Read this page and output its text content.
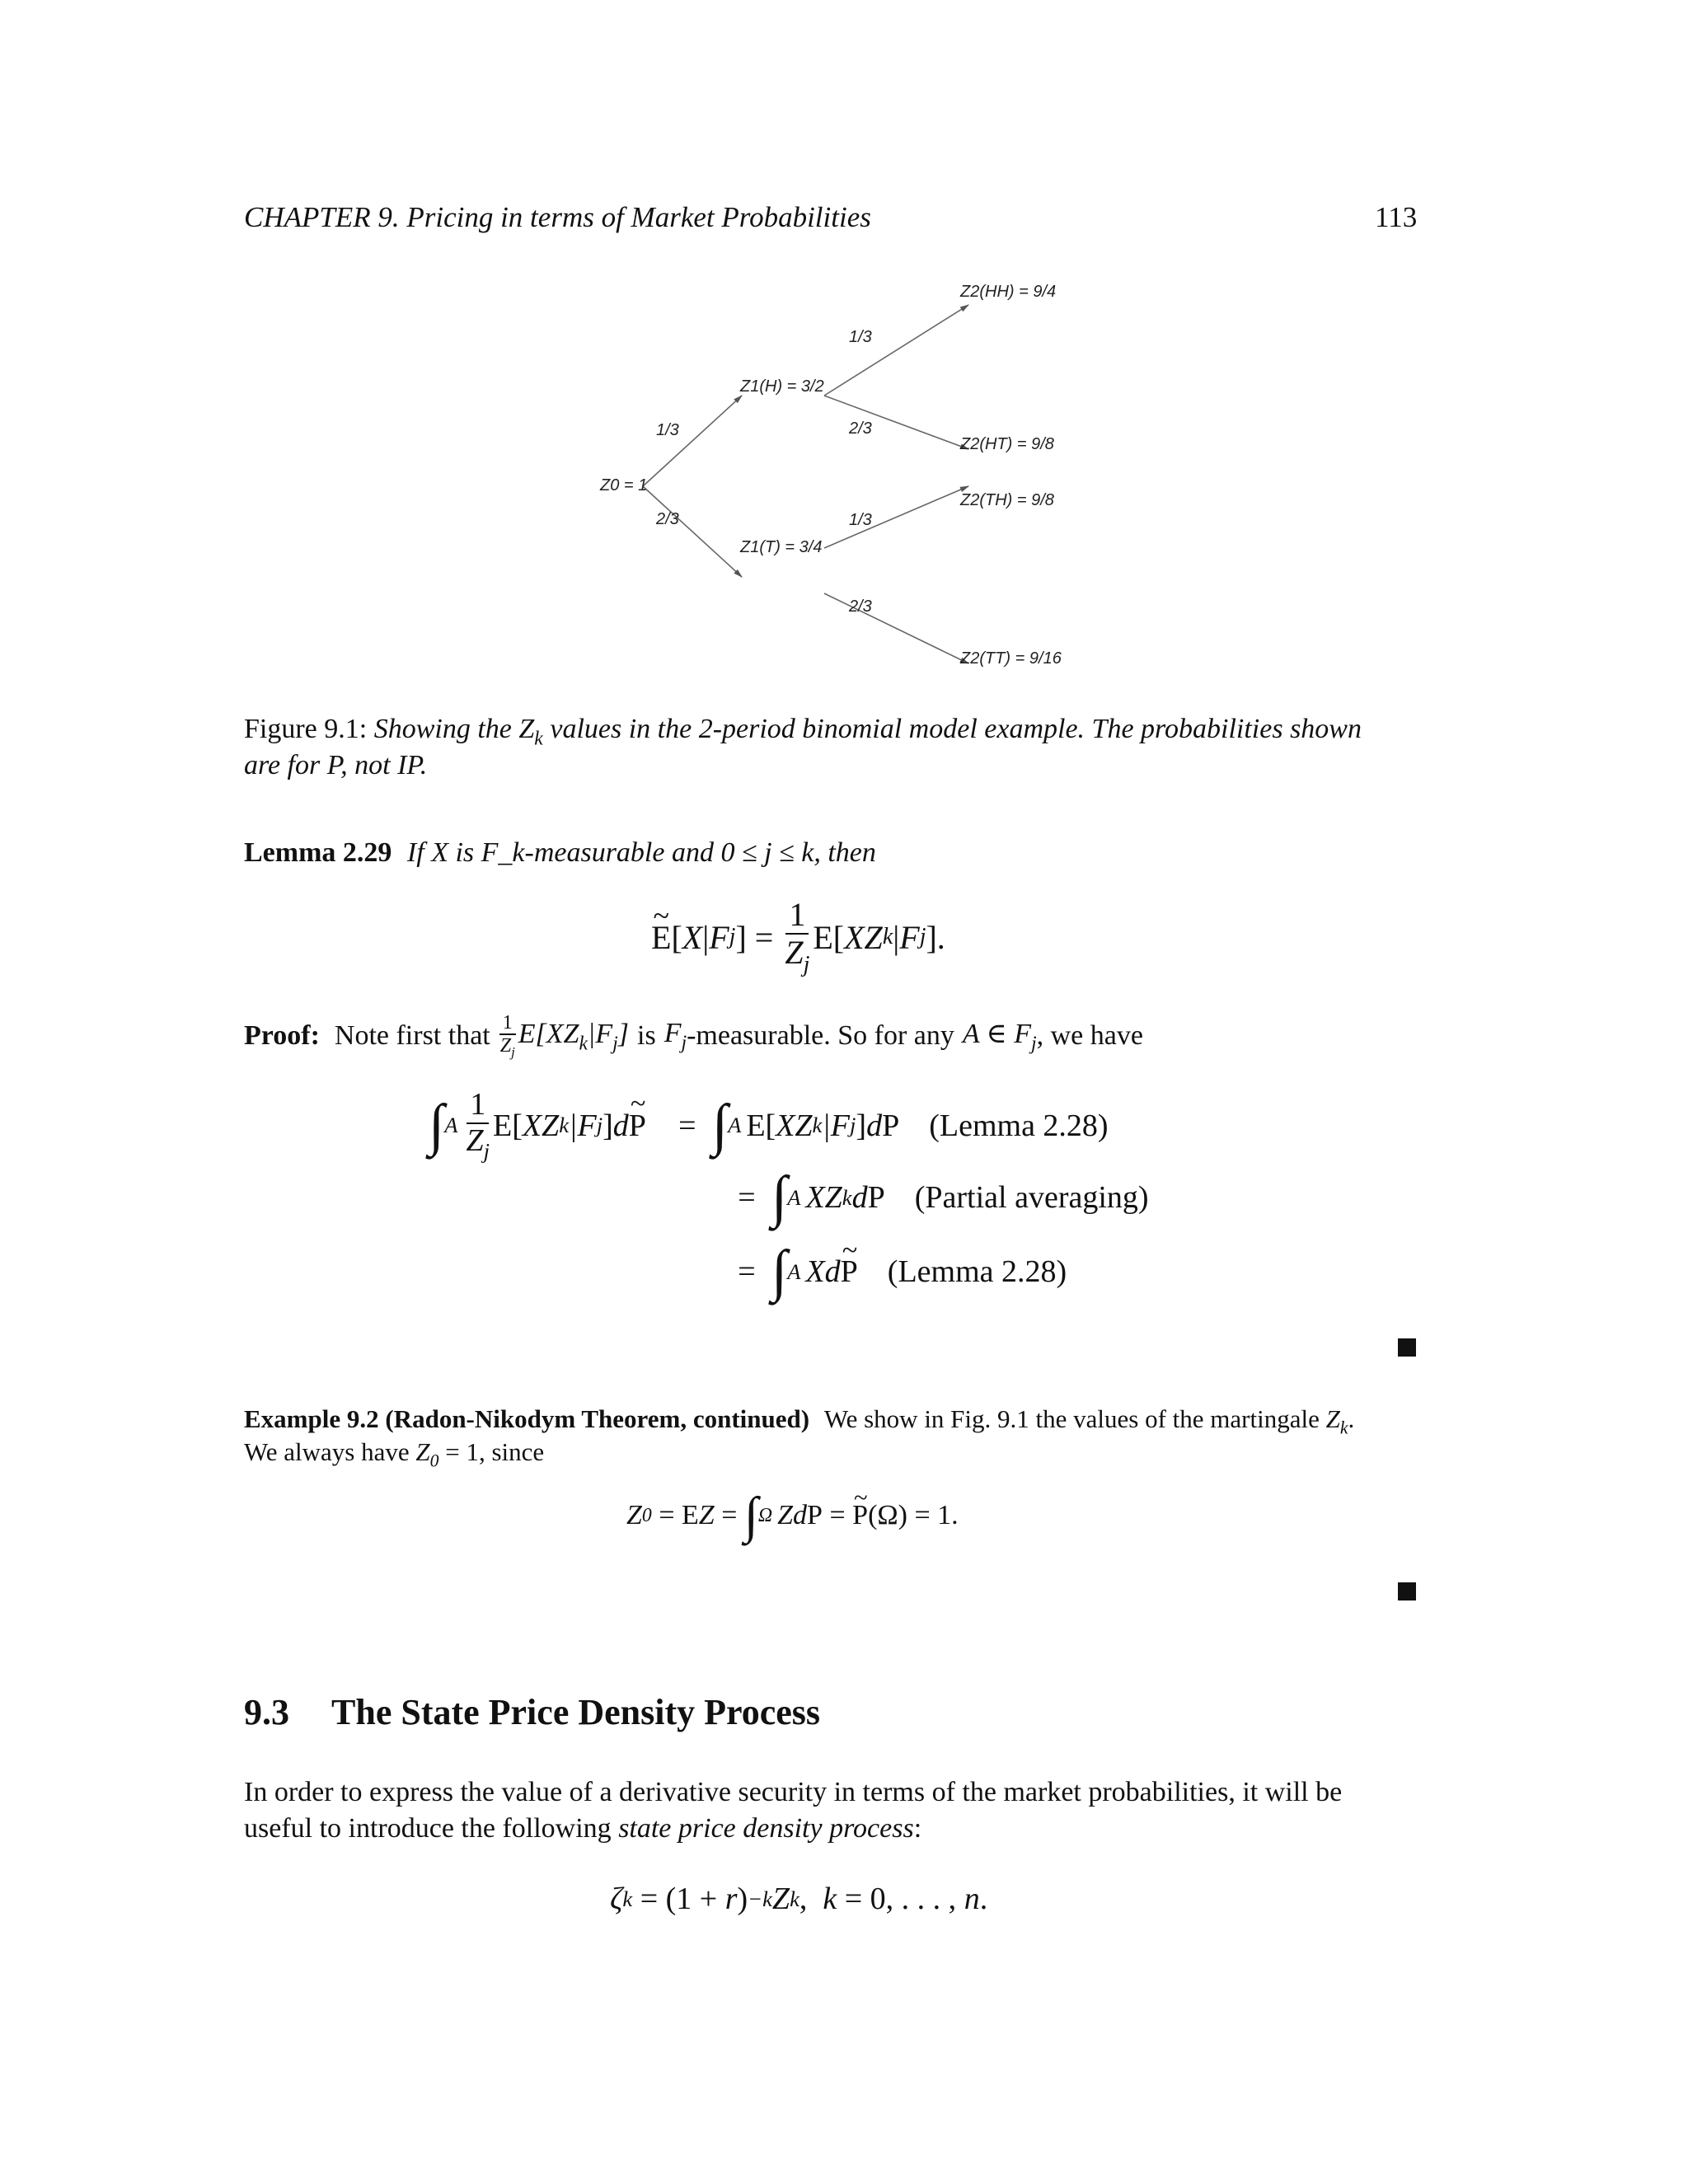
CHAPTER 9. Pricing in terms of Market Probabilities	113
Z0 = 1
Z1(H) = 3/2
Z1(T) = 3/4
Z2(HH) = 9/4
Z2(HT) = 9/8
Z2(TH) = 9/8
Z2(TT) = 9/16
1/3
2/3
1/3
2/3
1/3
2/3
Figure 9.1: Showing the $Z_k$ values in the 2-period binomial model example. The probabilities shown
are for P, not IP.
Lemma 2.29 If X is F_k-measurable and 0 ≤ j ≤ k, then
~ E [ X | F j ] = $\frac{1}{Z_j}$ E [ XZ k | F j ].
Proof: Note first that $\frac{1}{Z_j} E[XZ_k|F_j]$ is $F_j$ -measurable. So for any A ∈ $F_j$ , we have
∫ A $\frac{1}{Z_j}$ E [ XZ k |F j ] d ~ P	= ∫ A E [ XZ k |F j ] d P (Lemma 2.28)
= ∫ A XZ k d P (Partial averaging)
= ∫ A Xd ~ P (Lemma 2.28)
Example 9.2 (Radon-Nikodym Theorem, continued) We show in Fig. 9.1 the values of the martingale $Z_k$.
We always have $Z_0 = 1$, since
Z 0 = E Z = ∫ Ω Zd P = ~ P (Ω) = 1.
9.3 The State Price Density Process
In order to express the value of a derivative security in terms of the market probabilities, it will be
useful to introduce the following state price density process:
ζ k = (1 + r ) −k Z k , k = 0, . . . , n .
